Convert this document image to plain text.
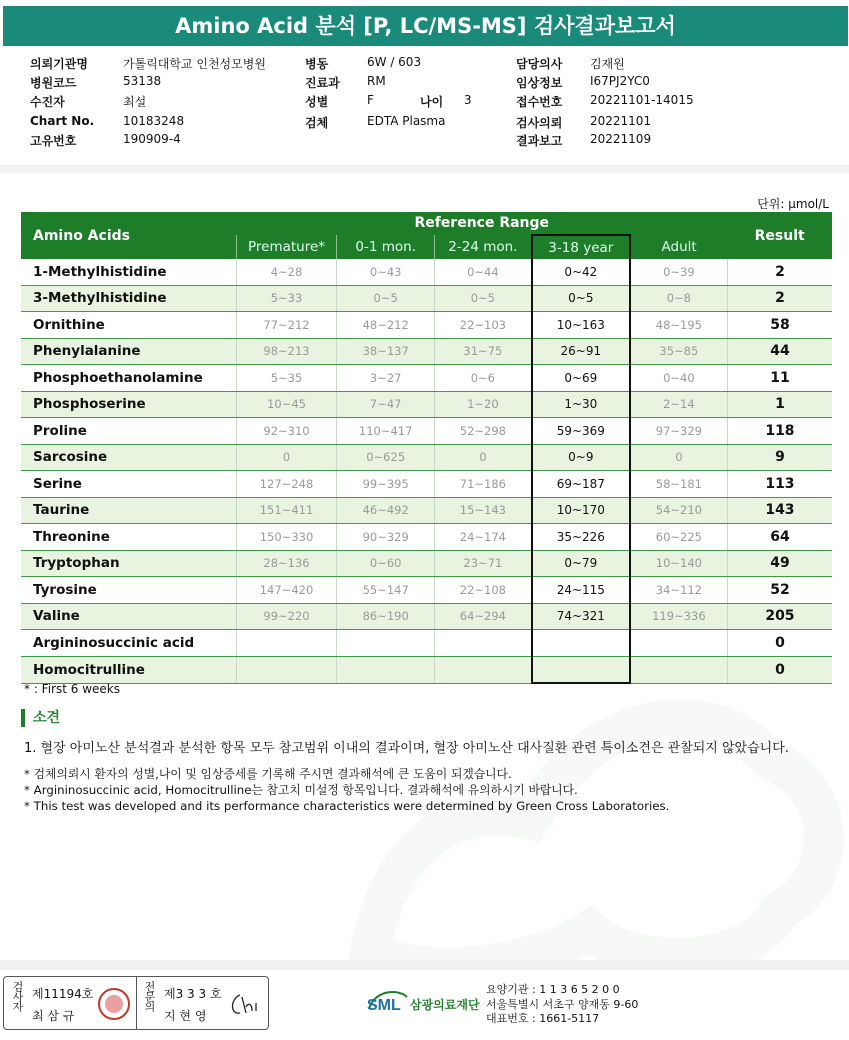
Amino Acid 분석 [P, LC/MS-MS] 검사결과보고서
의뢰기관명	가톨릭대학교 인천성모병원
병원코드	53138
수진자	최설
Chart No. 10183248
고유번호	190909-4
병동	6W / 603
진료과 RM
성별	F
검체	EDTA Plasma
나이 3
담당의사 김재원
임상정보 I67PJ2YC0
접수번호 20221101-14015
검사의뢰 20221101
결과보고 20221109
단위: μmol/L
Amino Acids	Reference Range					Result
	Premature*	0-1 mon.	2-24 mon.	3-18 year	Adult	
1-Methylhistidine	4~28	0~43	0~44	0~42	0~39	2
3-Methylhistidine	5~33	0~5	0~5	0~5	0~8	2
Ornithine	77~212	48~212	22~103	10~163	48~195	58
Phenylalanine	98~213	38~137	31~75	26~91	35~85	44
Phosphoethanolamine	5~35	3~27	0~6	0~69	0~40	11
Phosphoserine	10~45	7~47	1~20	1~30	2~14	1
Proline	92~310	110~417	52~298	59~369	97~329	118
Sarcosine	0	0~625	0	0~9	0	9
Serine	127~248	99~395	71~186	69~187	58~181	113
Taurine	151~411	46~492	15~143	10~170	54~210	143
Threonine	150~330	90~329	24~174	35~226	60~225	64
Tryptophan	28~136	0~60	23~71	0~79	10~140	49
Tyrosine	147~420	55~147	22~108	24~115	34~112	52
Valine	99~220	86~190	64~294	74~321	119~336	205
Argininosuccinic acid						0
Homocitrulline						0
* : First 6 weeks
소견
1. 혈장 아미노산 분석결과 분석한 항목 모두 참고범위 이내의 결과이며, 혈장 아미노산 대사질환 관련 특이소견은 관찰되지 않았습니다.
* 검체의뢰시 환자의 성별,나이 및 임상증세를 기록해 주시면 결과해석에 큰 도움이 되겠습니다.
* Argininosuccinic acid, Homocitrulline는 참고치 미설정 항목입니다. 결과해석에 유의하시기 바랍니다.
* This test was developed and its performance characteristics were determined by Green Cross Laboratories.
검사자 제11194호
최 삼 규
전문의 제3 3 3 호
지 현 영
SML 삼광의료재단
요양기관 : 1 1 3 6 5 2 0 0
서울특별시 서초구 양재동 9-60
대표번호 : 1661-5117
